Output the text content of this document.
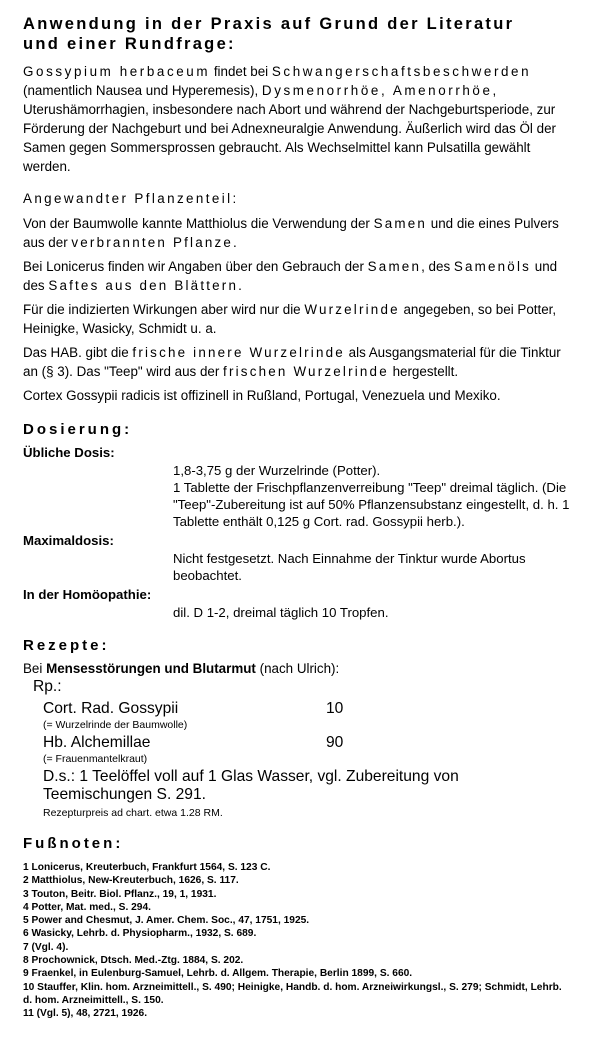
Anwendung in der Praxis auf Grund der Literatur
und einer Rundfrage:

Gossypium herbaceum findet bei Schwangerschaftsbeschwerden (namentlich Nausea und Hyperemesis), Dysmenorrhöe, Amenorrhöe, Uterushämorrhagien, insbesondere nach Abort und während der Nachgeburtsperiode, zur Förderung der Nachgeburt und bei Adnexneuralgie Anwendung. Äußerlich wird das Öl der Samen gegen Sommersprossen gebraucht. Als Wechselmittel kann Pulsatilla gewählt werden.

Angewandter Pflanzenteil:

Von der Baumwolle kannte Matthiolus die Verwendung der Samen und die eines Pulvers aus der verbrannten Pflanze.

Bei Lonicerus finden wir Angaben über den Gebrauch der Samen, des Samenöls und des Saftes aus den Blättern.

Für die indizierten Wirkungen aber wird nur die Wurzelrinde angegeben, so bei Potter, Heinigke, Wasicky, Schmidt u. a.

Das HAB. gibt die frische innere Wurzelrinde als Ausgangsmaterial für die Tinktur an (§ 3). Das "Teep" wird aus der frischen Wurzelrinde hergestellt.

Cortex Gossypii radicis ist offizinell in Rußland, Portugal, Venezuela und Mexiko.

Dosierung:
Übliche Dosis:
1,8-3,75 g der Wurzelrinde (Potter).
1 Tablette der Frischpflanzenverreibung "Teep" dreimal täglich. (Die "Teep"-Zubereitung ist auf 50% Pflanzensubstanz eingestellt, d. h. 1 Tablette enthält 0,125 g Cort. rad. Gossypii herb.).
Maximaldosis:
Nicht festgesetzt. Nach Einnahme der Tinktur wurde Abortus beobachtet.
In der Homöopathie:
dil. D 1-2, dreimal täglich 10 Tropfen.
Rezepte:

Bei Mensesstörungen und Blutarmut (nach Ulrich):

Rp.:
Cort. Rad. Gossypii	10
(= Wurzelrinde der Baumwolle)
Hb. Alchemillae	90
(= Frauenmantelkraut)
D.s.: 1 Teelöffel voll auf 1 Glas Wasser, vgl. Zubereitung von Teemischungen S. 291.
Rezepturpreis ad chart. etwa 1.28 RM.
Fußnoten:

1 Lonicerus, Kreuterbuch, Frankfurt 1564, S. 123 C.

2 Matthiolus, New-Kreuterbuch, 1626, S. 117.

3 Touton, Beitr. Biol. Pflanz., 19, 1, 1931.

4 Potter, Mat. med., S. 294.

5 Power and Chesmut, J. Amer. Chem. Soc., 47, 1751, 1925.

6 Wasicky, Lehrb. d. Physiopharm., 1932, S. 689.

7 (Vgl. 4).

8 Prochownick, Dtsch. Med.-Ztg. 1884, S. 202.

9 Fraenkel, in Eulenburg-Samuel, Lehrb. d. Allgem. Therapie, Berlin 1899, S. 660.

10 Stauffer, Klin. hom. Arzneimittell., S. 490; Heinigke, Handb. d. hom. Arzneiwirkungsl., S. 279; Schmidt, Lehrb. d. hom. Arzneimittell., S. 150.

11 (Vgl. 5), 48, 2721, 1926.
